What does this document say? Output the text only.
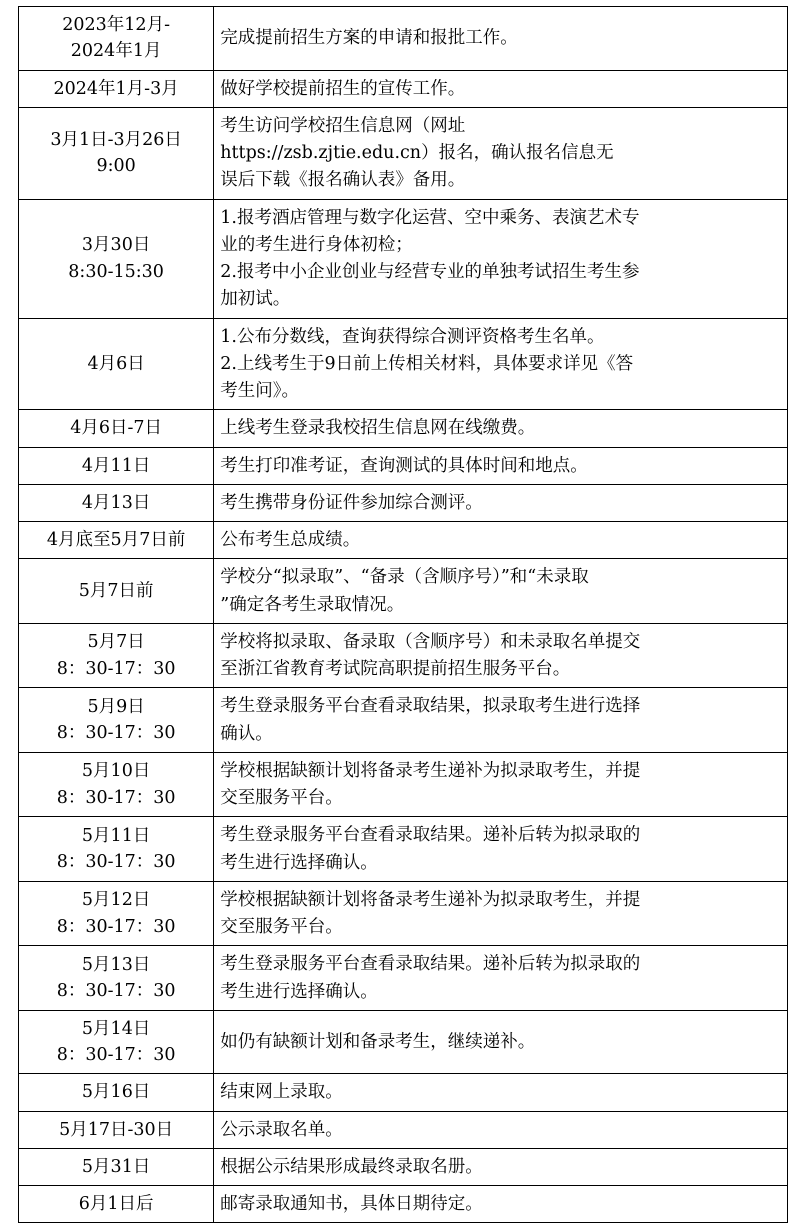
2023年12月-
2024年1月	完成提前招生方案的申请和报批工作。

2024年1月-3月	做好学校提前招生的宣传工作。

3月1日-3月26日
9:00	考生访问学校招生信息网（网址
https://zsb.zjtie.edu.cn）报名，确认报名信息无
误后下载《报名确认表》备用。

3月30日
8:30-15:30	1.报考酒店管理与数字化运营、空中乘务、表演艺术专
业的考生进行身体初检；
2.报考中小企业创业与经营专业的单独考试招生考生参
加初试。

4月6日	1.公布分数线，查询获得综合测评资格考生名单。
2.上线考生于9日前上传相关材料，具体要求详见《答
考生问》。

4月6日-7日	上线考生登录我校招生信息网在线缴费。

4月11日	考生打印准考证，查询测试的具体时间和地点。

4月13日	考生携带身份证件参加综合测评。

4月底至5月7日前	公布考生总成绩。

5月7日前	学校分“拟录取”、“备录（含顺序号）”和“未录取
”确定各考生录取情况。

5月7日
8：30-17：30	学校将拟录取、备录取（含顺序号）和未录取名单提交
至浙江省教育考试院高职提前招生服务平台。

5月9日
8：30-17：30	考生登录服务平台查看录取结果，拟录取考生进行选择
确认。

5月10日
8：30-17：30	学校根据缺额计划将备录考生递补为拟录取考生，并提
交至服务平台。

5月11日
8：30-17：30	考生登录服务平台查看录取结果。递补后转为拟录取的
考生进行选择确认。

5月12日
8：30-17：30	学校根据缺额计划将备录考生递补为拟录取考生，并提
交至服务平台。

5月13日
8：30-17：30	考生登录服务平台查看录取结果。递补后转为拟录取的
考生进行选择确认。

5月14日
8：30-17：30	如仍有缺额计划和备录考生，继续递补。

5月16日	结束网上录取。

5月17日-30日	公示录取名单。

5月31日	根据公示结果形成最终录取名册。

6月1日后	邮寄录取通知书，具体日期待定。
